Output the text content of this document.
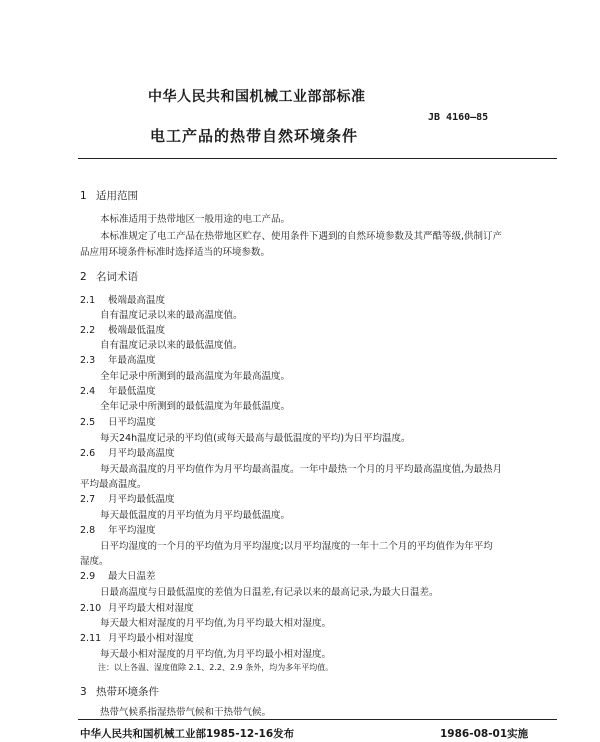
中华人民共和国机械工业部部标准
JB 4160—85
电工产品的热带自然环境条件
1 适用范围
本标准适用于热带地区一般用途的电工产品。
本标准规定了电工产品在热带地区贮存、使用条件下遇到的自然环境参数及其严酷等级,供制订产
品应用环境条件标准时选择适当的环境参数。
2 名词术语
2.1 极端最高温度
自有温度记录以来的最高温度值。
2.2 极端最低温度
自有温度记录以来的最低温度值。
2.3 年最高温度
全年记录中所测到的最高温度为年最高温度。
2.4 年最低温度
全年记录中所测到的最低温度为年最低温度。
2.5 日平均温度
每天24h温度记录的平均值(或每天最高与最低温度的平均)为日平均温度。
2.6 月平均最高温度
每天最高温度的月平均值作为月平均最高温度。一年中最热一个月的月平均最高温度值,为最热月
平均最高温度。
2.7 月平均最低温度
每天最低温度的月平均值为月平均最低温度。
2.8 年平均湿度
日平均湿度的一个月的平均值为月平均湿度;以月平均湿度的一年十二个月的平均值作为年平均
湿度。
2.9 最大日温差
日最高温度与日最低温度的差值为日温差,有记录以来的最高记录,为最大日温差。
2.10 月平均最大相对湿度
每天最大相对湿度的月平均值,为月平均最大相对湿度。
2.11 月平均最小相对湿度
每天最小相对湿度的月平均值,为月平均最小相对湿度。
注：以上各温、湿度值除 2.1、2.2、2.9 条外，均为多年平均值。
3 热带环境条件
热带气候系指湿热带气候和干热带气候。
中华人民共和国机械工业部1985-12-16发布	1986-08-01实施
